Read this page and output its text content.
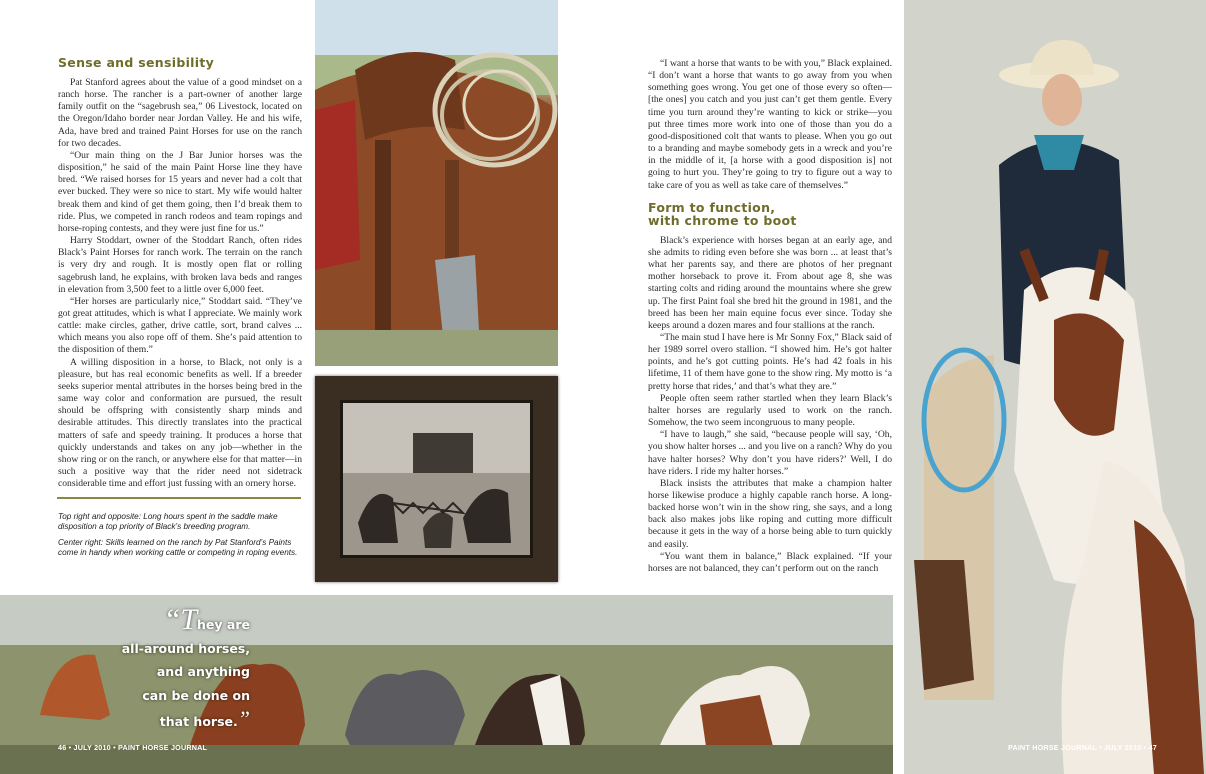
Sense and sensibility

Pat Stanford agrees about the value of a good mindset on a ranch horse. The rancher is a part-owner of another large family outfit on the “sagebrush sea,” 06 Livestock, located on the Oregon/Idaho border near Jordan Valley. He and his wife, Ada, have bred and trained Paint Horses for use on the ranch for two decades.

“Our main thing on the J Bar Junior horses was the disposition,” he said of the main Paint Horse line they have bred. “We raised horses for 15 years and never had a colt that ever bucked. They were so nice to start. My wife would halter break them and kind of get them going, then I’d break them to ride. Plus, we competed in ranch rodeos and team ropings and horse-roping contests, and they were just fine for us.”

Harry Stoddart, owner of the Stoddart Ranch, often rides Black’s Paint Horses for ranch work. The terrain on the ranch is very dry and rough. It is mostly open flat or rolling sagebrush land, he explains, with broken lava beds and ranges in elevation from 3,500 feet to a little over 6,000 feet.

“Her horses are particularly nice,” Stoddart said. “They’ve got great attitudes, which is what I appreciate. We mainly work cattle: make circles, gather, drive cattle, sort, brand calves ... which means you also rope off of them. She’s paid attention to the disposition of them.”

A willing disposition in a horse, to Black, not only is a pleasure, but has real economic benefits as well. If a breeder seeks superior mental attributes in the horses being bred in the same way color and conformation are pursued, the result should be offspring with consistently sharp minds and desirable attitudes. This directly translates into the practical matters of safe and speedy training. It produces a horse that quickly understands and takes on any job—whether in the show ring or on the ranch, or anywhere else for that matter—in such a positive way that the rider need not sidetrack considerable time and effort just fussing with an ornery horse.

Top right and opposite: Long hours spent in the saddle make disposition a top priority of Black’s breeding program.
Center right: Skills learned on the ranch by Pat Stanford’s Paints come in handy when working cattle or competing in roping events.

“I want a horse that wants to be with you,” Black explained. “I don’t want a horse that wants to go away from you when something goes wrong. You get one of those every so often—[the ones] you catch and you just can’t get them gentle. Every time you turn around they’re wanting to kick or strike—you put three times more work into one of those than you do a good-dispositioned colt that wants to please. When you go out to a branding and maybe somebody gets in a wreck and you’re in the middle of it, [a horse with a good disposition is] not going to hurt you. They’re going to try to figure out a way to take care of you as well as take care of themselves.”

Form to function,
with chrome to boot

Black’s experience with horses began at an early age, and she admits to riding even before she was born ... at least that’s what her parents say, and there are photos of her pregnant mother horseback to prove it. From about age 8, she was starting colts and riding around the mountains where she grew up. The first Paint foal she bred hit the ground in 1981, and the breed has been her main equine focus ever since. Today she keeps around a dozen mares and four stallions at the ranch.

“The main stud I have here is Mr Sonny Fox,” Black said of her 1989 sorrel overo stallion. “I showed him. He’s got halter points, and he’s got cutting points. He’s had 42 foals in his lifetime, 11 of them have gone to the show ring. My motto is ‘a pretty horse that rides,’ and that’s what they are.”

People often seem rather startled when they learn Black’s halter horses are regularly used to work on the ranch. Somehow, the two seem incongruous to many people.

“I have to laugh,” she said, “because people will say, ‘Oh, you show halter horses ... and you live on a ranch? Why do you have halter horses? Why don’t you have riders?’ Well, I do have riders. I ride my halter horses.”

Black insists the attributes that make a champion halter horse likewise produce a highly capable ranch horse. A long-backed horse won’t win in the show ring, she says, and a long back also makes jobs like roping and cutting more difficult because it gets in the way of a horse being able to turn quickly and easily.

“You want them in balance,” Black explained. “If your horses are not balanced, they can’t perform out on the ranch

“They are
all-around horses,
and anything
can be done on
that horse.”
46 • JULY 2010 • PAINT HORSE JOURNAL	PAINT HORSE JOURNAL • JULY 2010 • 47
